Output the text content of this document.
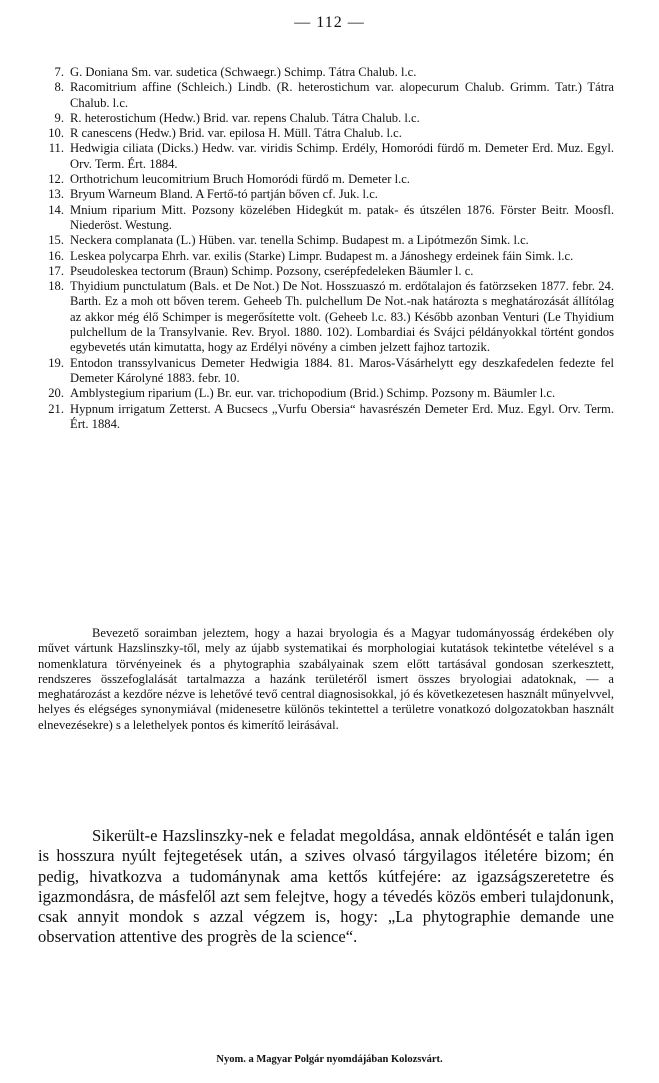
— 112 —
7. G. Doniana Sm. var. sudetica (Schwaegr.) Schimp. Tátra Chalub. l.c.
8. Racomitrium affine (Schleich.) Lindb. (R. heterostichum var. alopecurum Chalub. Grimm. Tatr.) Tátra Chalub. l.c.
9. R. heterostichum (Hedw.) Brid. var. repens Chalub. Tátra Chalub. l.c.
10. R canescens (Hedw.) Brid. var. epilosa H. Müll. Tátra Chalub. l.c.
11. Hedwigia ciliata (Dicks.) Hedw. var. viridis Schimp. Erdély, Homoródi fürdő m. Demeter Erd. Muz. Egyl. Orv. Term. Ért. 1884.
12. Orthotrichum leucomitrium Bruch Homoródi fürdő m. Demeter l.c.
13. Bryum Warneum Bland. A Fertő-tó partján bőven cf. Juk. l.c.
14. Mnium riparium Mitt. Pozsony közelében Hidegkút m. patak- és útszélen 1876. Förster Beitr. Moosfl. Niederöst. Westung.
15. Neckera complanata (L.) Hüben. var. tenella Schimp. Budapest m. a Lipótmezőn Simk. l.c.
16. Leskea polycarpa Ehrh. var. exilis (Starke) Limpr. Budapest m. a Jánoshegy erdeinek fáin Simk. l.c.
17. Pseudoleskea tectorum (Braun) Schimp. Pozsony, cserépfedeleken Bäumler l. c.
18. Thyidium punctulatum (Bals. et De Not.) De Not. Hosszuaszó m. erdőtalajon és fatörzseken 1877. febr. 24. Barth. Ez a moh ott bőven terem. Geheeb Th. pulchellum De Not.-nak határozta s meghatározását állítólag az akkor még élő Schimper is megerősítette volt. (Geheeb l.c. 83.) Később azonban Venturi (Le Thyidium pulchellum de la Transylvanie. Rev. Bryol. 1880. 102). Lombardiai és Svájci példányokkal történt gondos egybevetés után kimutatta, hogy az Erdélyi növény a cimben jelzett fajhoz tartozik.
19. Entodon transsylvanicus Demeter Hedwigia 1884. 81. Maros-Vásárhelytt egy deszkafedelen fedezte fel Demeter Károlyné 1883. febr. 10.
20. Amblystegium riparium (L.) Br. eur. var. trichopodium (Brid.) Schimp. Pozsony m. Bäumler l.c.
21. Hypnum irrigatum Zetterst. A Bucsecs „Vurfu Obersia“ havasrészén Demeter Erd. Muz. Egyl. Orv. Term. Ért. 1884.

Bevezető soraimban jeleztem, hogy a hazai bryologia és a Magyar tudományosság érdekében oly művet vártunk Hazslinszky-től, mely az újabb systematikai és morphologiai kutatások tekintetbe vételével s a nomenklatura törvényeinek és a phytographia szabályainak szem előtt tartásával gondosan szerkesztett, rendszeres összefoglalását tartalmazza a hazánk területéről ismert összes bryologiai adatoknak, — a meghatározást a kezdőre nézve is lehetővé tevő central diagnosisokkal, jó és következetesen használt műnyelvvel, helyes és elégséges synonymiával (midenesetre különös tekintettel a területre vonatkozó dolgozatokban használt elnevezésekre) s a lelethelyek pontos és kimerítő leirásával.

Sikerült-e Hazslinszky-nek e feladat megoldása, annak eldöntését e talán igen is hosszura nyúlt fejtegetések után, a szives olvasó tárgyilagos itéletére bizom; én pedig, hivatkozva a tudománynak ama kettős kútfejére: az igazságszeretetre és igazmondásra, de másfelől azt sem felejtve, hogy a tévedés közös emberi tulajdonunk, csak annyit mondok s azzal végzem is, hogy: „La phytographie demande une observation attentive des progrès de la science“.

Nyom. a Magyar Polgár nyomdájában Kolozsvárt.
